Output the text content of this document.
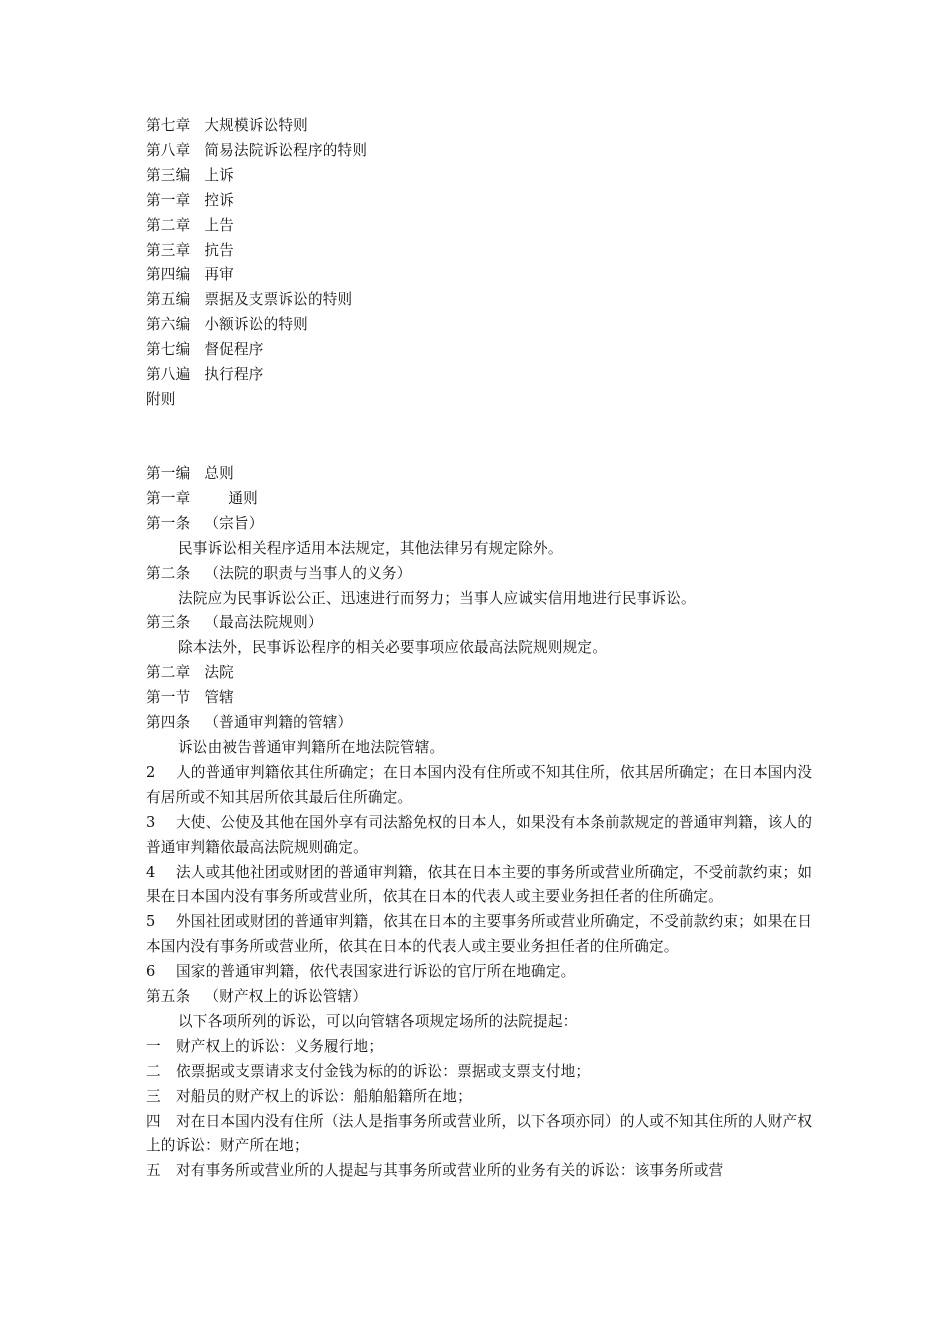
第七章 大规模诉讼特则
第八章 简易法院诉讼程序的特则
第三编 上诉
第一章 控诉
第二章 上告
第三章 抗告
第四编 再审
第五编 票据及支票诉讼的特则
第六编 小额诉讼的特则
第七编 督促程序
第八遍 执行程序
附则
第一编 总则
第一章	通则
第一条 （宗旨）
民事诉讼相关程序适用本法规定，其他法律另有规定除外。
第二条 （法院的职责与当事人的义务）
法院应为民事诉讼公正、迅速进行而努力；当事人应诚实信用地进行民事诉讼。
第三条 （最高法院规则）
除本法外，民事诉讼程序的相关必要事项应依最高法院规则规定。
第二章 法院
第一节 管辖
第四条 （普通审判籍的管辖）
诉讼由被告普通审判籍所在地法院管辖。
2 人的普通审判籍依其住所确定；在日本国内没有住所或不知其住所，依其居所确定；在日本国内没有居所或不知其居所依其最后住所确定。
3 大使、公使及其他在国外享有司法豁免权的日本人，如果没有本条前款规定的普通审判籍，该人的普通审判籍依最高法院规则确定。
4 法人或其他社团或财团的普通审判籍，依其在日本主要的事务所或营业所确定，不受前款约束；如果在日本国内没有事务所或营业所，依其在日本的代表人或主要业务担任者的住所确定。
5 外国社团或财团的普通审判籍，依其在日本的主要事务所或营业所确定，不受前款约束；如果在日本国内没有事务所或营业所，依其在日本的代表人或主要业务担任者的住所确定。
6 国家的普通审判籍，依代表国家进行诉讼的官厅所在地确定。
第五条 （财产权上的诉讼管辖）
以下各项所列的诉讼，可以向管辖各项规定场所的法院提起：
一 财产权上的诉讼：义务履行地；
二 依票据或支票请求支付金钱为标的的诉讼：票据或支票支付地；
三 对船员的财产权上的诉讼：船舶船籍所在地；
四 对在日本国内没有住所（法人是指事务所或营业所，以下各项亦同）的人或不知其住所的人财产权上的诉讼：财产所在地；
五 对有事务所或营业所的人提起与其事务所或营业所的业务有关的诉讼：该事务所或营
